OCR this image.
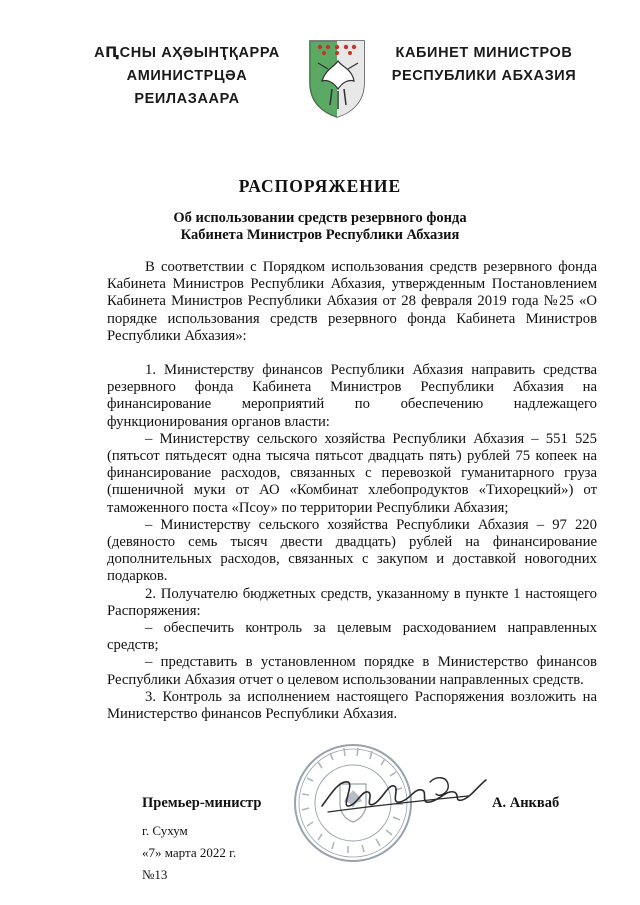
АԤСНЫ АҲӘЫНҬҚАРРА
АМИНИСТРЦӘА РЕИЛАЗААРА
КАБИНЕТ МИНИСТРОВ
РЕСПУБЛИКИ АБХАЗИЯ
РАСПОРЯЖЕНИЕ
Об использовании средств резервного фонда
Кабинета Министров Республики Абхазия

В соответствии с Порядком использования средств резервного фонда Кабинета Министров Республики Абхазия, утвержденным Постановлением Кабинета Министров Республики Абхазия от 28 февраля 2019 года №25 «О порядке использования средств резервного фонда Кабинета Министров Республики Абхазия»:

1. Министерству финансов Республики Абхазия направить средства резервного фонда Кабинета Министров Республики Абхазия на финансирование мероприятий по обеспечению надлежащего функционирования органов власти:

– Министерству сельского хозяйства Республики Абхазия – 551 525 (пятьсот пятьдесят одна тысяча пятьсот двадцать пять) рублей 75 копеек на финансирование расходов, связанных с перевозкой гуманитарного груза (пшеничной муки от АО «Комбинат хлебопродуктов «Тихорецкий») от таможенного поста «Псоу» по территории Республики Абхазия;

– Министерству сельского хозяйства Республики Абхазия – 97 220 (девяносто семь тысяч двести двадцать) рублей на финансирование дополнительных расходов, связанных с закупом и доставкой новогодних подарков.

2. Получателю бюджетных средств, указанному в пункте 1 настоящего Распоряжения:

– обеспечить контроль за целевым расходованием направленных средств;

– представить в установленном порядке в Министерство финансов Республики Абхазия отчет о целевом использовании направленных средств.

3. Контроль за исполнением настоящего Распоряжения возложить на Министерство финансов Республики Абхазия.

Премьер-министр	А. Анкваб
г. Сухум
«7» марта 2022 г.
№13
